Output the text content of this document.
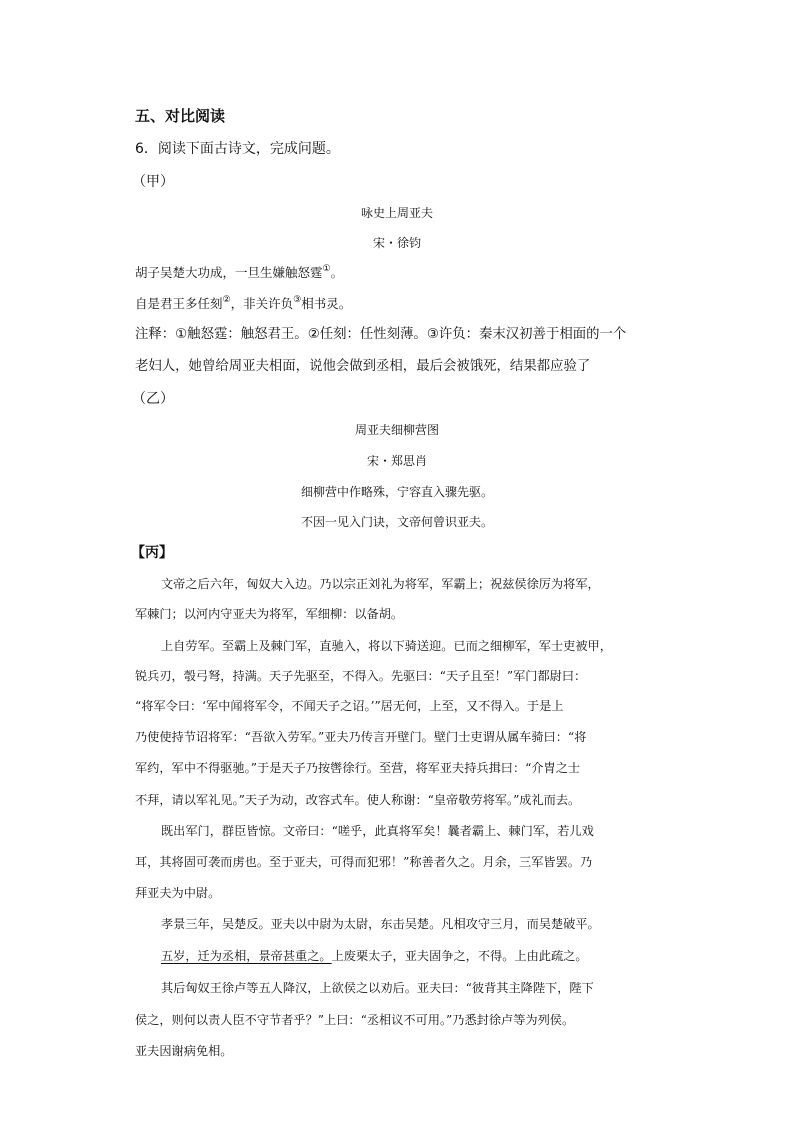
五、对比阅读
6．阅读下面古诗文，完成问题。
（甲）
咏史上周亚夫
宋・徐钧
胡子吴楚大功成，一旦生嫌触怒霆①。
自是君王多任刻②，非关许负③相书灵。
注释：①触怒霆：触怒君王。②任刻：任性刻薄。③许负：秦末汉初善于相面的一个
老妇人，她曾给周亚夫相面，说他会做到丞相，最后会被饿死，结果都应验了
（乙）
周亚夫细柳营图
宋・郑思肖
细柳营中作略殊，宁容直入骤先驱。
不因一见入门诀，文帝何曾识亚夫。
【丙】
文帝之后六年，匈奴大入边。乃以宗正刘礼为将军，军霸上；祝兹侯徐厉为将军，
军棘门；以河内守亚夫为将军，军细柳：以备胡。
上自劳军。至霸上及棘门军，直驰入，将以下骑送迎。已而之细柳军，军士吏被甲，
锐兵刃，彀弓弩，持满。天子先驱至，不得入。先驱曰：“天子且至！”军门都尉曰：
“将军令曰：‘军中闻将军令，不闻天子之诏。’”居无何，上至，又不得入。于是上
乃使使持节诏将军：“吾欲入劳军。”亚夫乃传言开壁门。壁门士吏谓从属车骑曰：“将
军约，军中不得驱驰。”于是天子乃按辔徐行。至营，将军亚夫持兵揖曰：“介胄之士
不拜，请以军礼见。”天子为动，改容式车。使人称谢：“皇帝敬劳将军。”成礼而去。
既出军门，群臣皆惊。文帝曰：“嗟乎，此真将军矣！曩者霸上、棘门军，若儿戏
耳，其将固可袭而虏也。至于亚夫，可得而犯邪！”称善者久之。月余，三军皆罢。乃
拜亚夫为中尉。
孝景三年，吴楚反。亚夫以中尉为太尉，东击吴楚。凡相攻守三月，而吴楚破平。
五岁，迁为丞相，景帝甚重之。上废栗太子，亚夫固争之，不得。上由此疏之。
其后匈奴王徐卢等五人降汉，上欲侯之以劝后。亚夫曰：“彼背其主降陛下，陛下
侯之，则何以责人臣不守节者乎？”上曰：“丞相议不可用。”乃悉封徐卢等为列侯。
亚夫因谢病免相。
